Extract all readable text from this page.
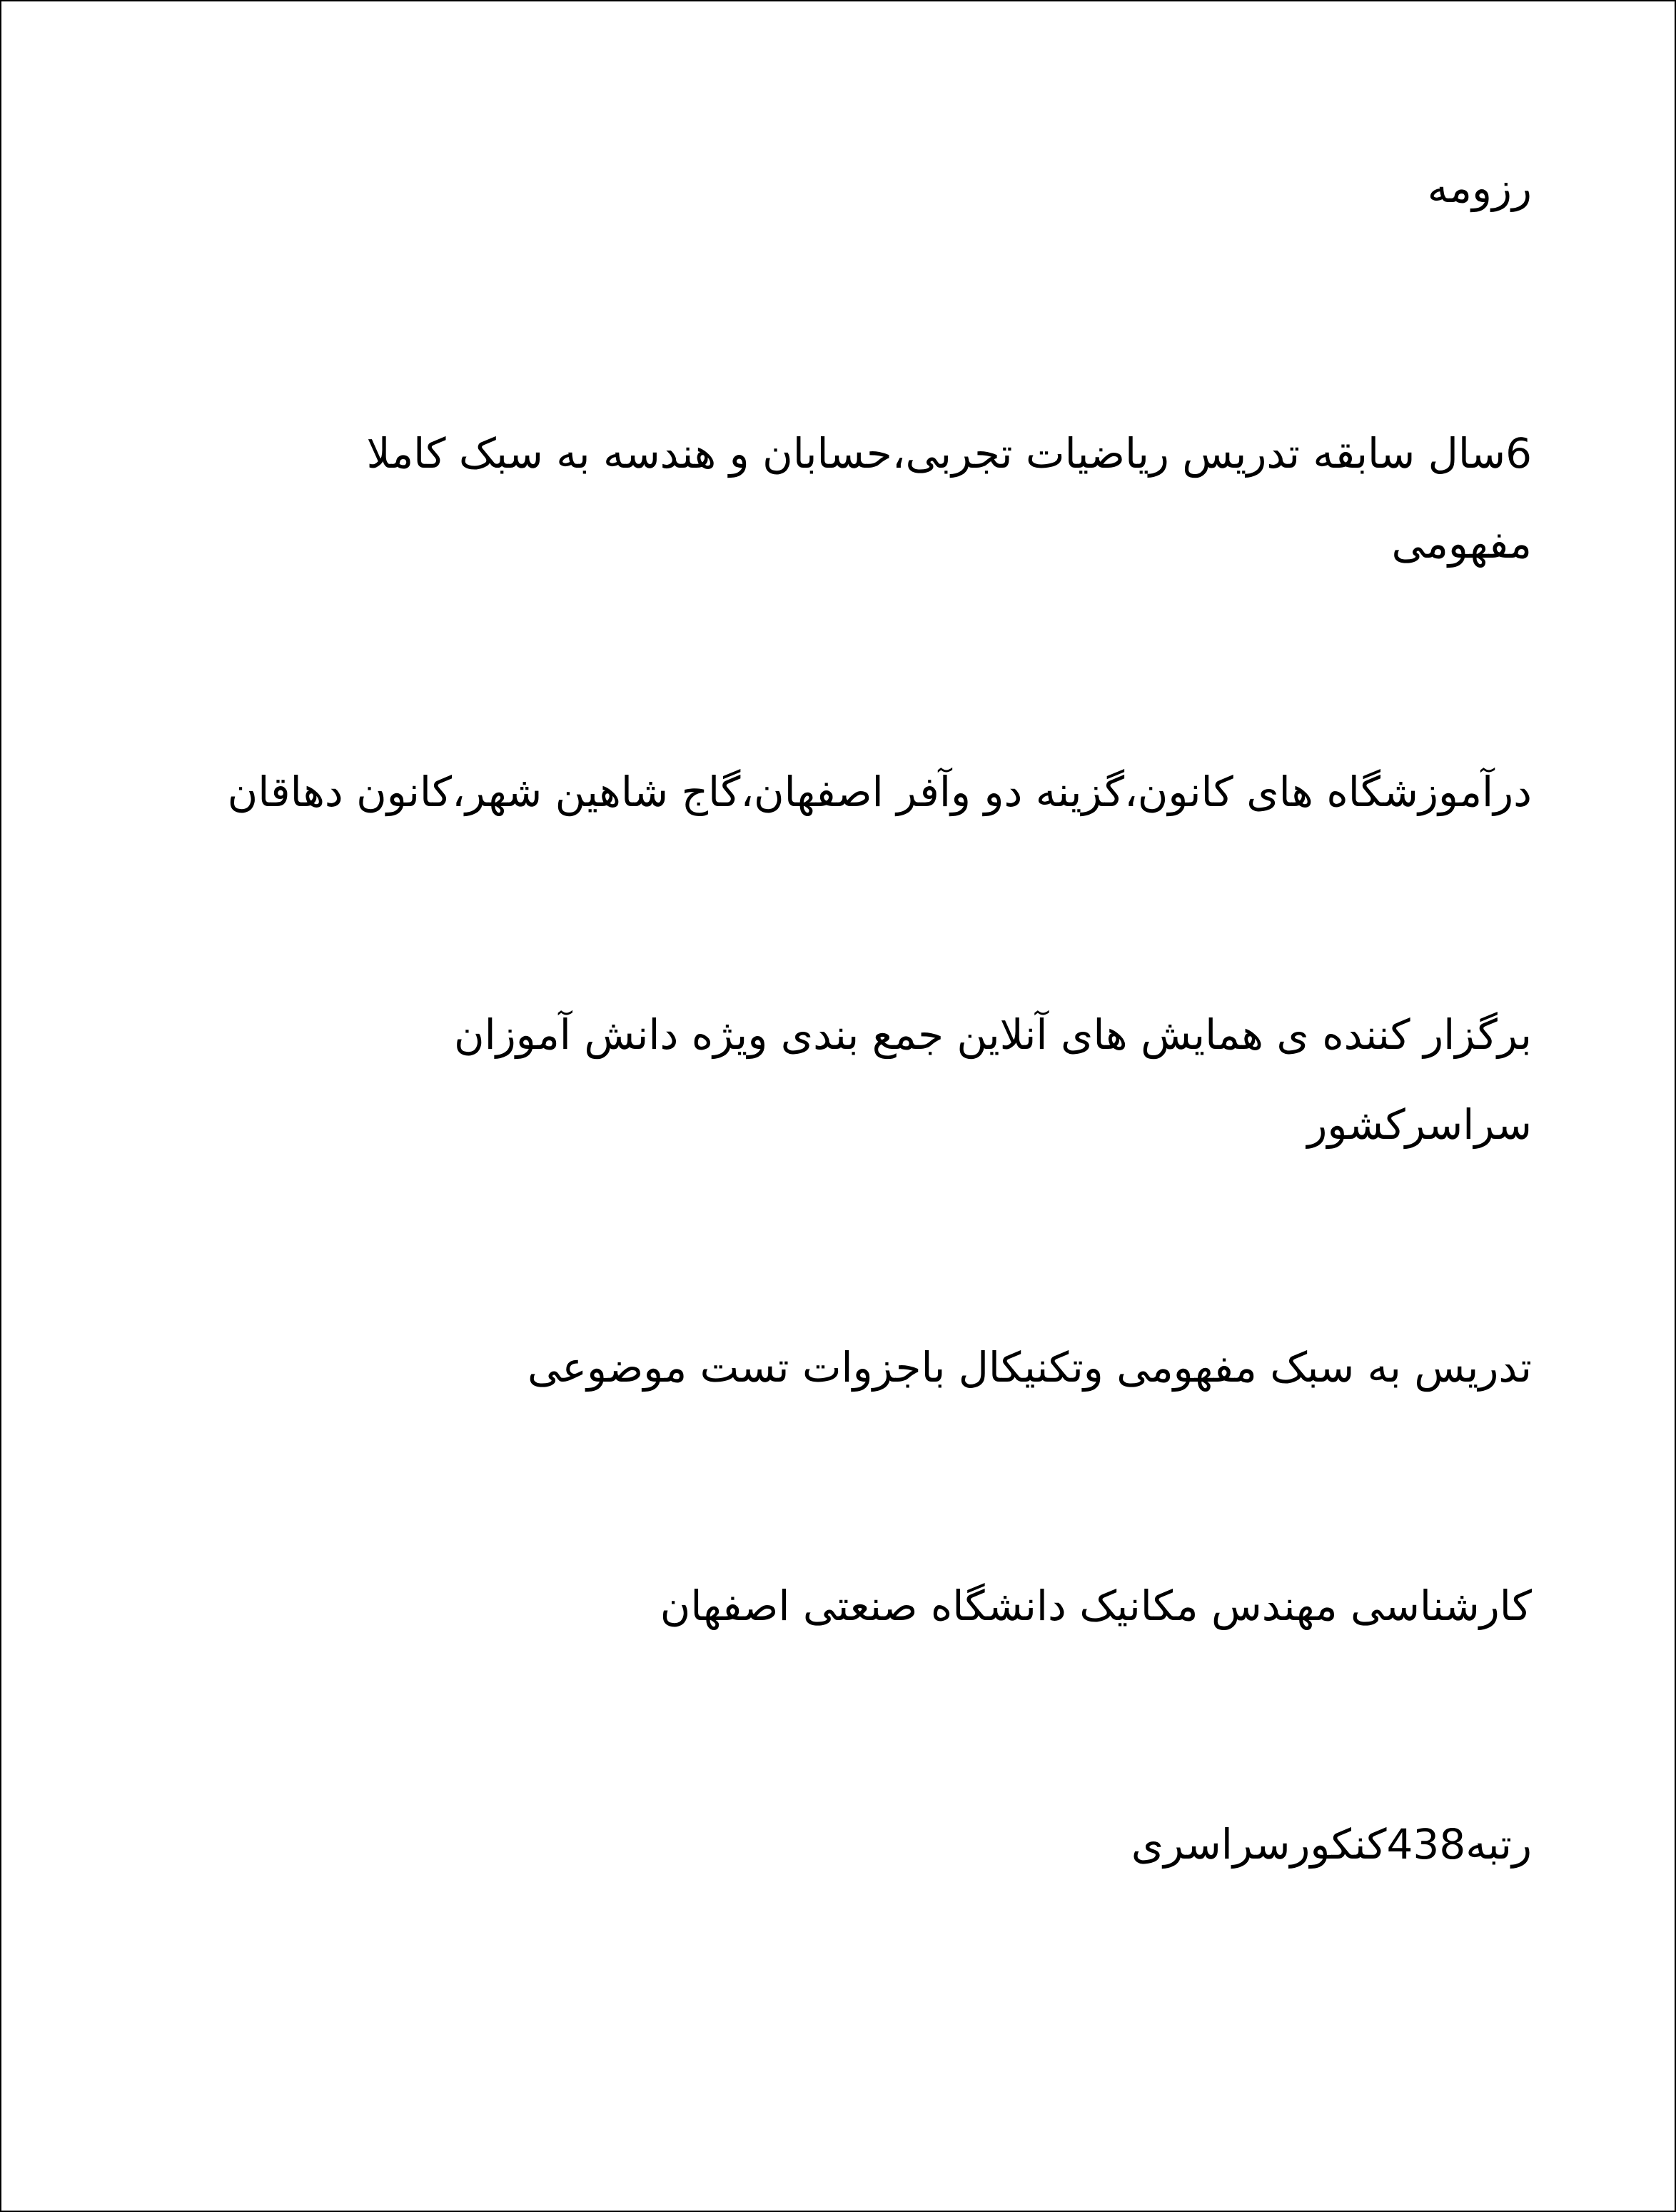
رزومه
6سال سابقه تدریس ریاضیات تجربی،حسابان و هندسه به سبک کاملا
مفهومی
درآموزشگاه های کانون،گزینه دو وآفر اصفهان،گاج شاهین شهر،کانون دهاقان
برگزار کننده ی همایش های آنلاین جمع بندی ویژه دانش آموزان
سراسرکشور
تدریس به سبک مفهومی وتکنیکال باجزوات تست موضوعی
کارشناسی مهندس مکانیک دانشگاه صنعتی اصفهان
رتبه438کنکورسراسری
